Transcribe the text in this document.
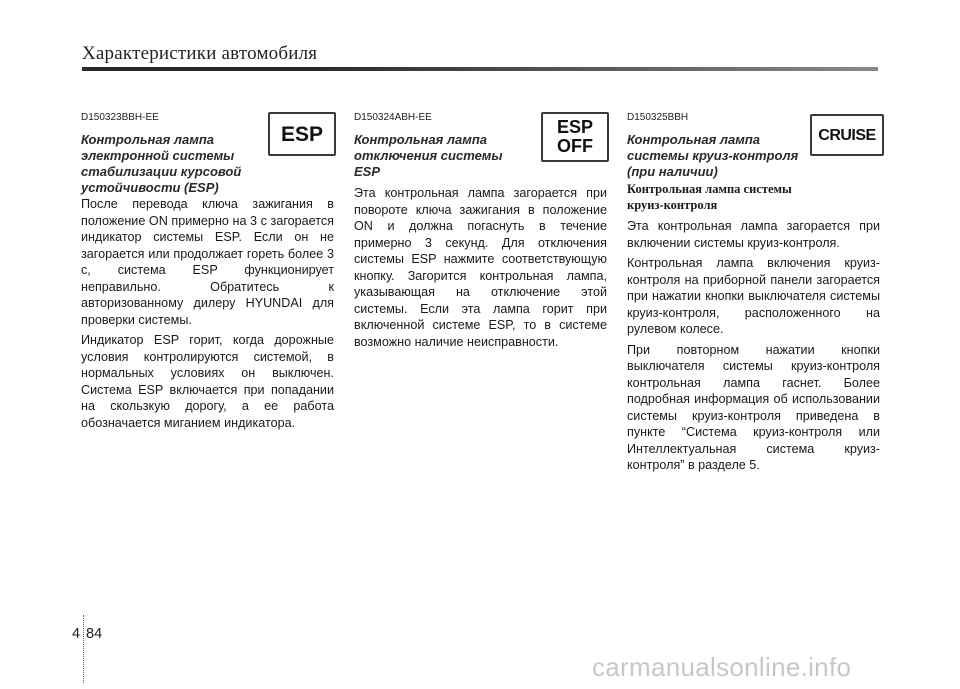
Характеристики автомобиля
D150323BBH-EE
Контрольная лампа
электронной системы
стабилизации курсовой
устойчивости (ESP)

После перевода ключа зажигания в положение ON примерно на 3 с загорается индикатор системы ESP. Если он не загорается или продолжает гореть более 3 с, система ESP функционирует неправильно. Обратитесь к авторизованному дилеру HYUNDAI для проверки системы.

Индикатор ESP горит, когда дорожные условия контролируются системой, в нормальных условиях он выключен. Система ESP включается при попадании на скользкую дорогу, а ее работа обозначается миганием индикатора.

ESP
D150324ABH-EE
Контрольная лампа
отключения системы
ESP

Эта контрольная лампа загорается при повороте ключа зажигания в положение ON и должна погаснуть в течение примерно 3 секунд. Для отключения системы ESP нажмите соответствующую кнопку. Загорится контрольная лампа, указывающая на отключение этой системы. Если эта лампа горит при включенной системе ESP, то в системе возможно наличие неисправности.

ESP
OFF
D150325BBH
Контрольная лампа
системы круиз-контроля
(при наличии)
Контрольная лампа системы
круиз-контроля

Эта контрольная лампа загорается при включении системы круиз-контроля.

Контрольная лампа включения круиз-контроля на приборной панели загорается при нажатии кнопки выключателя системы круиз-контроля, расположенного на рулевом колесе.

При повторном нажатии кнопки выключателя системы круиз-контроля контрольная лампа гаснет. Более подробная информация об использовании системы круиз-контроля приведена в пункте “Система круиз-контроля или Интеллектуальная система круиз-контроля” в разделе 5.

CRUISE
4 84
carmanualsonline.info
